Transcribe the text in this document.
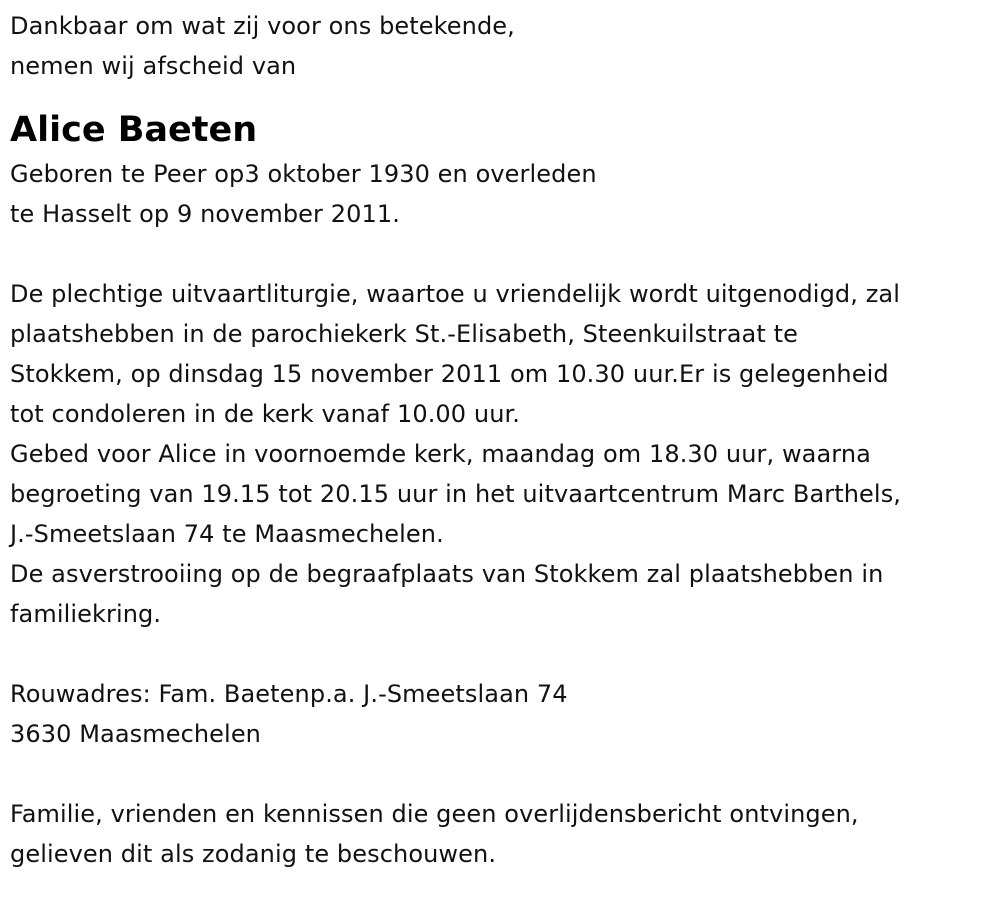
Dankbaar om wat zij voor ons betekende,
nemen wij afscheid van
Alice Baeten
Geboren te Peer op3 oktober 1930 en overleden
te Hasselt op 9 november 2011.
De plechtige uitvaartliturgie, waartoe u vriendelijk wordt uitgenodigd, zal
plaatshebben in de parochiekerk St.-Elisabeth, Steenkuilstraat te
Stokkem, op dinsdag 15 november 2011 om 10.30 uur.Er is gelegenheid
tot condoleren in de kerk vanaf 10.00 uur.
Gebed voor Alice in voornoemde kerk, maandag om 18.30 uur, waarna
begroeting van 19.15 tot 20.15 uur in het uitvaartcentrum Marc Barthels,
J.-Smeetslaan 74 te Maasmechelen.
De asverstrooiing op de begraafplaats van Stokkem zal plaatshebben in
familiekring.
Rouwadres: Fam. Baetenp.a. J.-Smeetslaan 74
3630 Maasmechelen
Familie, vrienden en kennissen die geen overlijdensbericht ontvingen,
gelieven dit als zodanig te beschouwen.
